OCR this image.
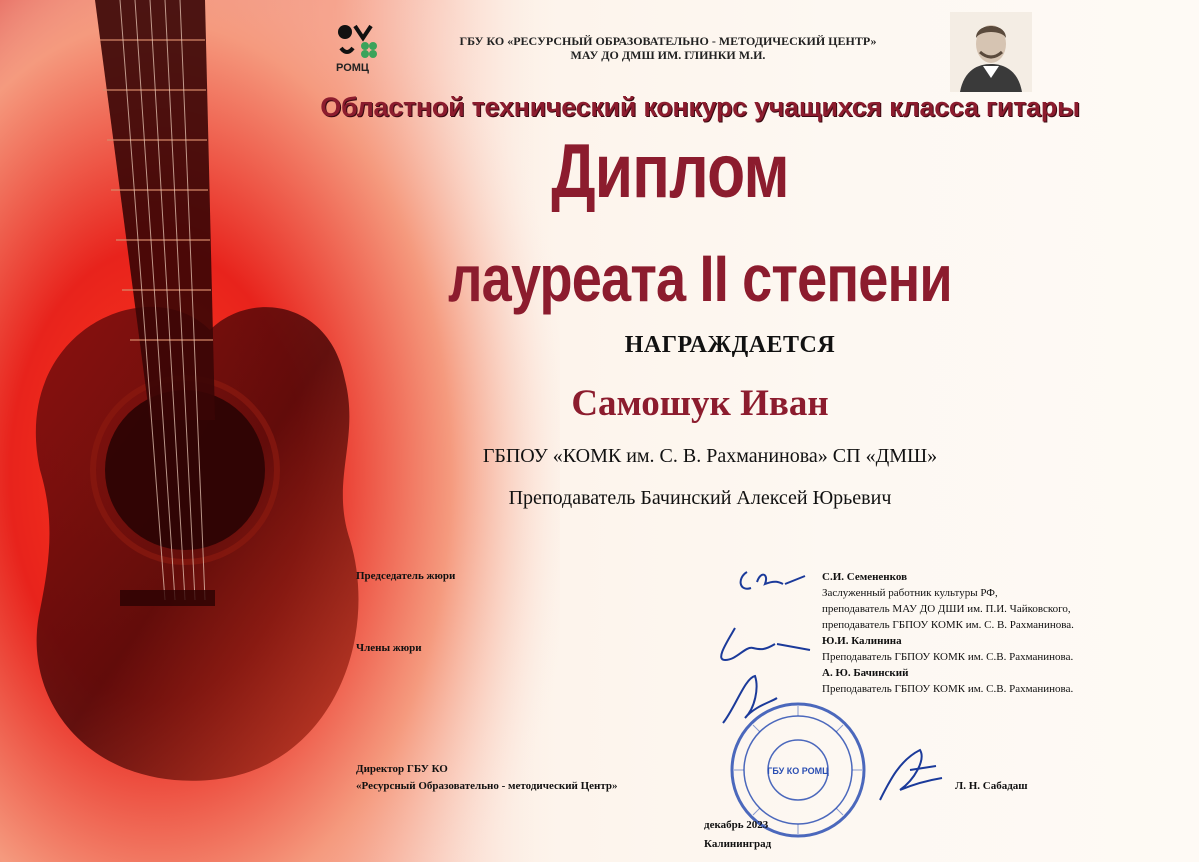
РОМЦ
ГБУ КО «РЕСУРСНЫЙ ОБРАЗОВАТЕЛЬНО - МЕТОДИЧЕСКИЙ ЦЕНТР»
МАУ ДО ДМШ ИМ. ГЛИНКИ М.И.
Областной технический конкурс учащихся класса гитары
Диплом
лауреата II степени
НАГРАЖДАЕТСЯ
Самошук Иван
ГБПОУ «КОМК им. С. В. Рахманинова» СП «ДМШ»
Преподаватель Бачинский Алексей Юрьевич
Председатель жюри
Члены жюри
С.И. Семененков
Заслуженный работник культуры РФ,
преподаватель МАУ ДО ДШИ им. П.И. Чайковского,
преподаватель ГБПОУ КОМК им. С. В. Рахманинова.
Ю.И. Калинина
Преподаватель ГБПОУ КОМК им. С.В. Рахманинова.
А. Ю. Бачинский
Преподаватель ГБПОУ КОМК им. С.В. Рахманинова.
Директор ГБУ КО
«Ресурсный Образовательно - методический Центр»	Л. Н. Сабадаш
ГБУ КО РОМЦ
декабрь 2023
Калининград
